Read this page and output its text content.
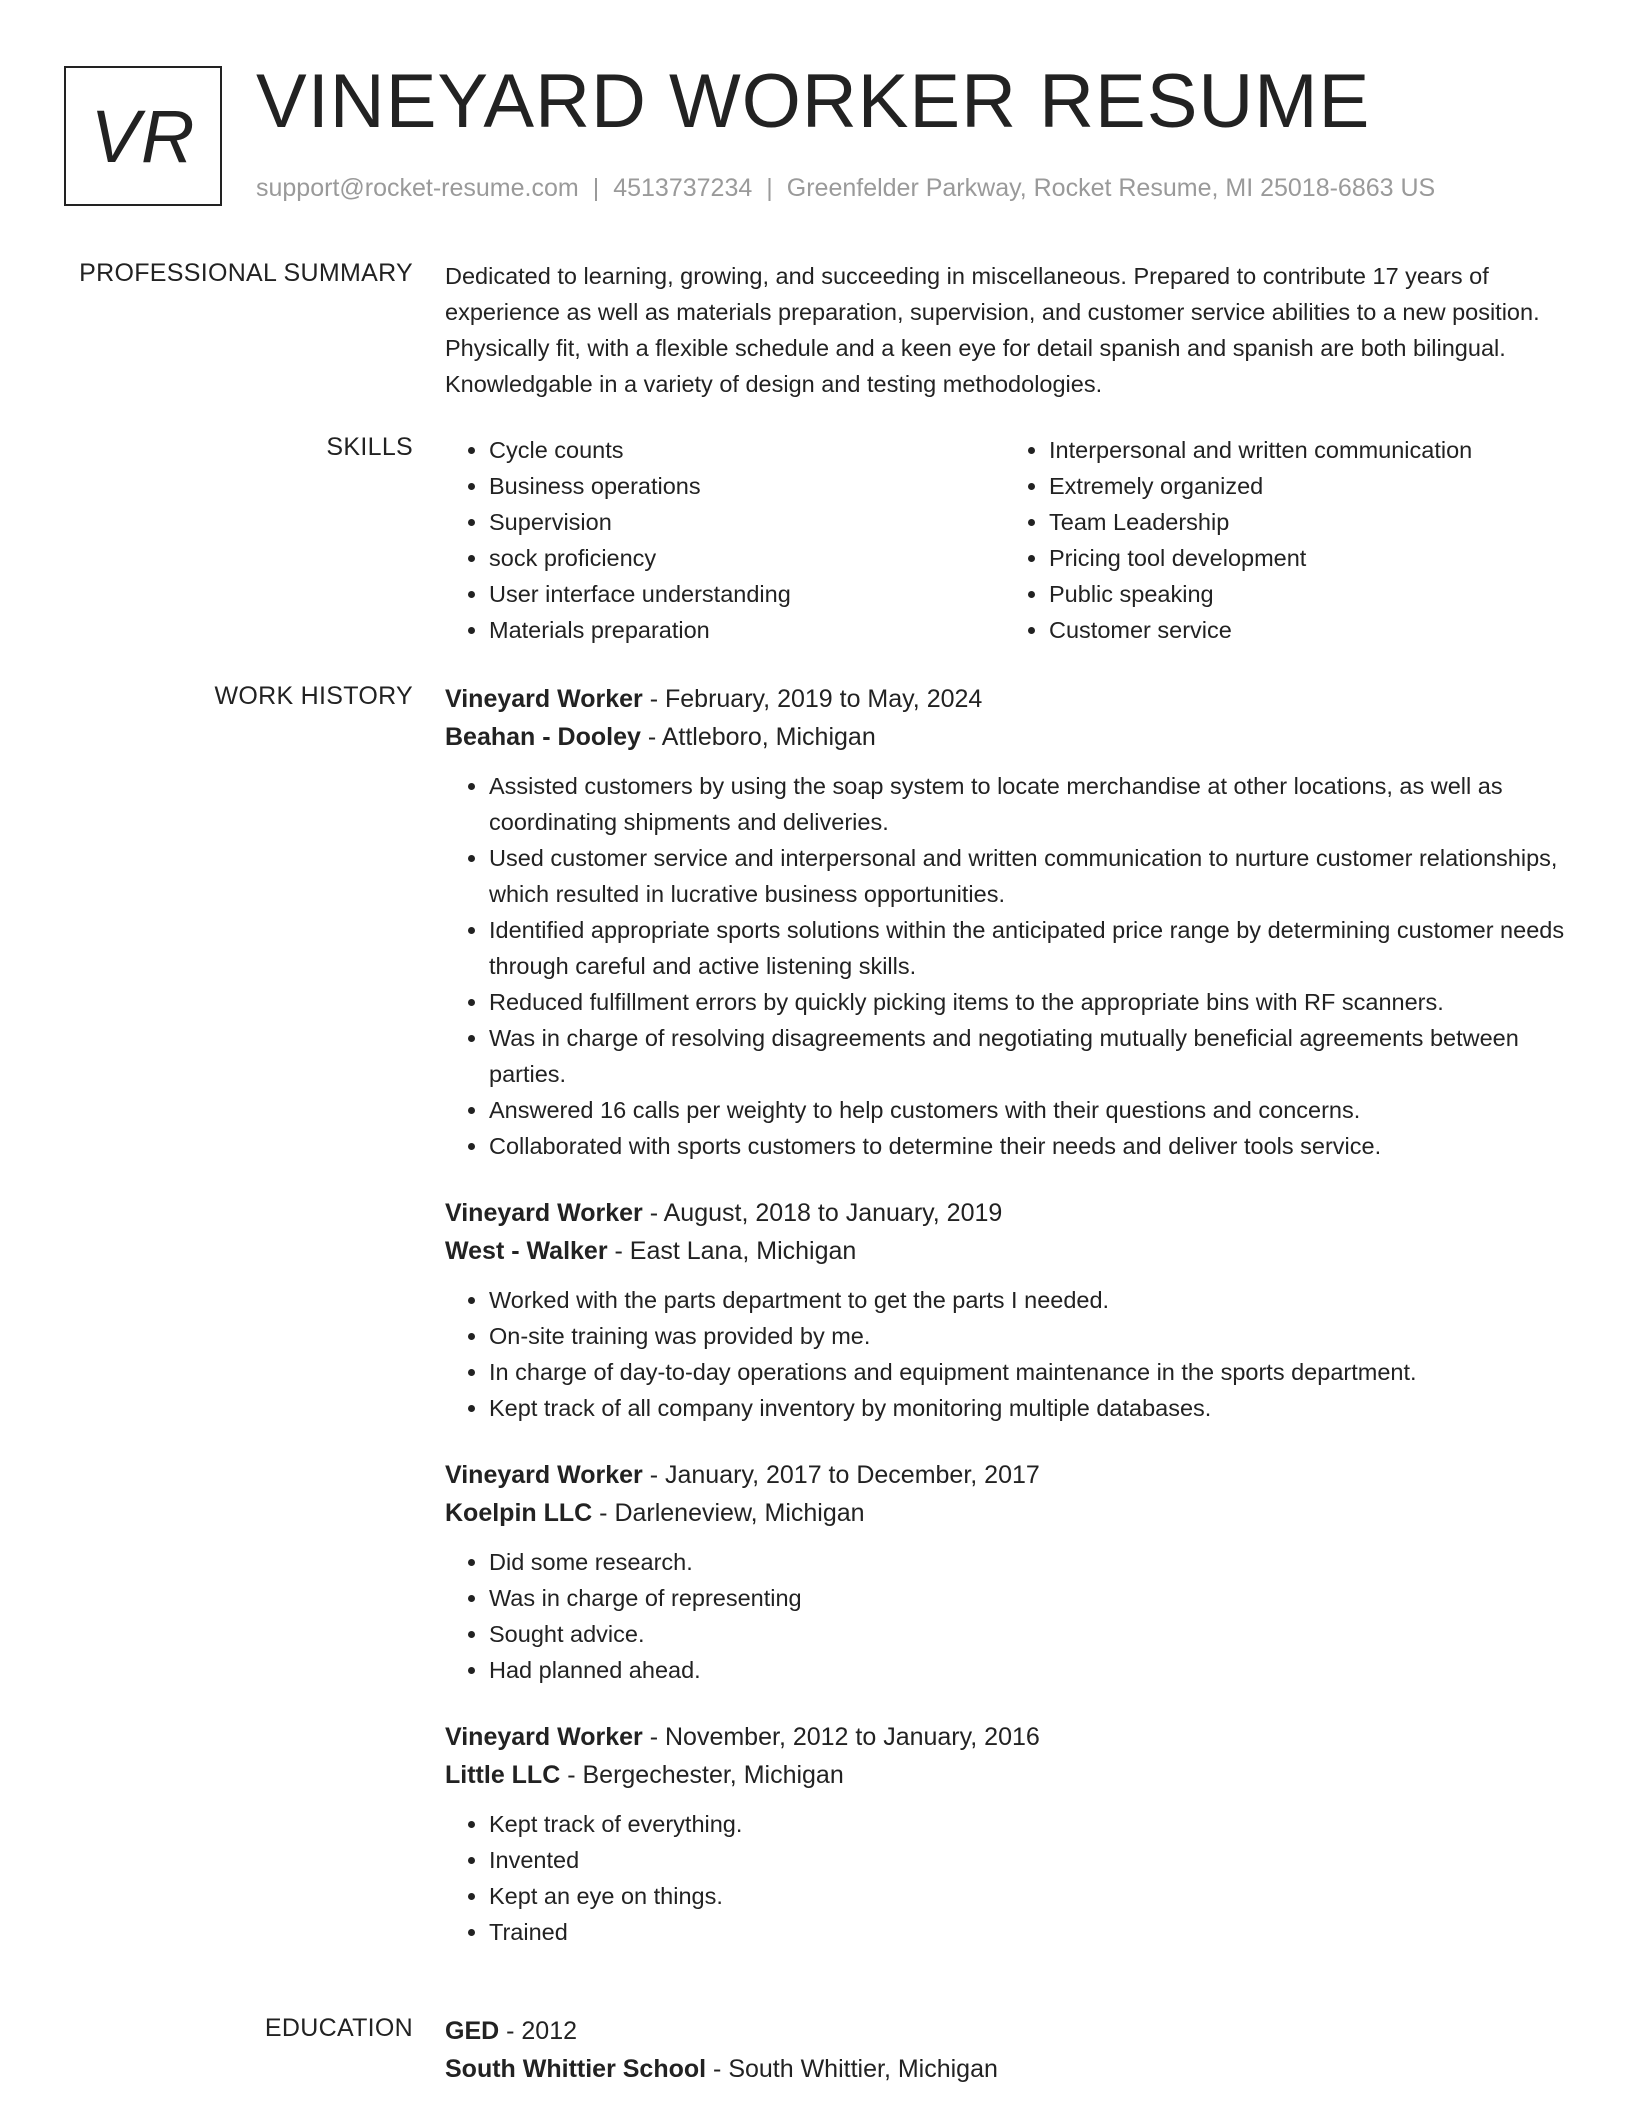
VR VINEYARD WORKER RESUME
support@rocket-resume.com | 4513737234 | Greenfelder Parkway, Rocket Resume, MI 25018-6863 US
PROFESSIONAL SUMMARY Dedicated to learning, growing, and succeeding in miscellaneous. Prepared to contribute 17 years of experience as well as materials preparation, supervision, and customer service abilities to a new position. Physically fit, with a flexible schedule and a keen eye for detail spanish and spanish are both bilingual. Knowledgable in a variety of design and testing methodologies.

SKILLS
•	Cycle counts
• Business operations
• Supervision
• sock proficiency
• User interface understanding
• Materials preparation
• Interpersonal and written communication
• Extremely organized
• Team Leadership
• Pricing tool development
• Public speaking
• Customer service
WORK HISTORY Vineyard Worker - February, 2019 to May, 2024
Beahan - Dooley - Attleboro, Michigan
• Assisted customers by using the soap system to locate merchandise at other locations, as well as coordinating shipments and deliveries.
• Used customer service and interpersonal and written communication to nurture customer relationships, which resulted in lucrative business opportunities.
• Identified appropriate sports solutions within the anticipated price range by determining customer needs through careful and active listening skills.
• Reduced fulfillment errors by quickly picking items to the appropriate bins with RF scanners.
• Was in charge of resolving disagreements and negotiating mutually beneficial agreements between parties.
• Answered 16 calls per weighty to help customers with their questions and concerns.
• Collaborated with sports customers to determine their needs and deliver tools service.
Vineyard Worker - August, 2018 to January, 2019
West - Walker - East Lana, Michigan
• Worked with the parts department to get the parts I needed.
• On-site training was provided by me.
• In charge of day-to-day operations and equipment maintenance in the sports department.
• Kept track of all company inventory by monitoring multiple databases.
Vineyard Worker - January, 2017 to December, 2017
Koelpin LLC - Darleneview, Michigan
• Did some research.
• Was in charge of representing
• Sought advice.
• Had planned ahead.
Vineyard Worker - November, 2012 to January, 2016
Little LLC - Bergechester, Michigan
• Kept track of everything.
• Invented
• Kept an eye on things.
• Trained
EDUCATION GED - 2012
South Whittier School - South Whittier, Michigan
